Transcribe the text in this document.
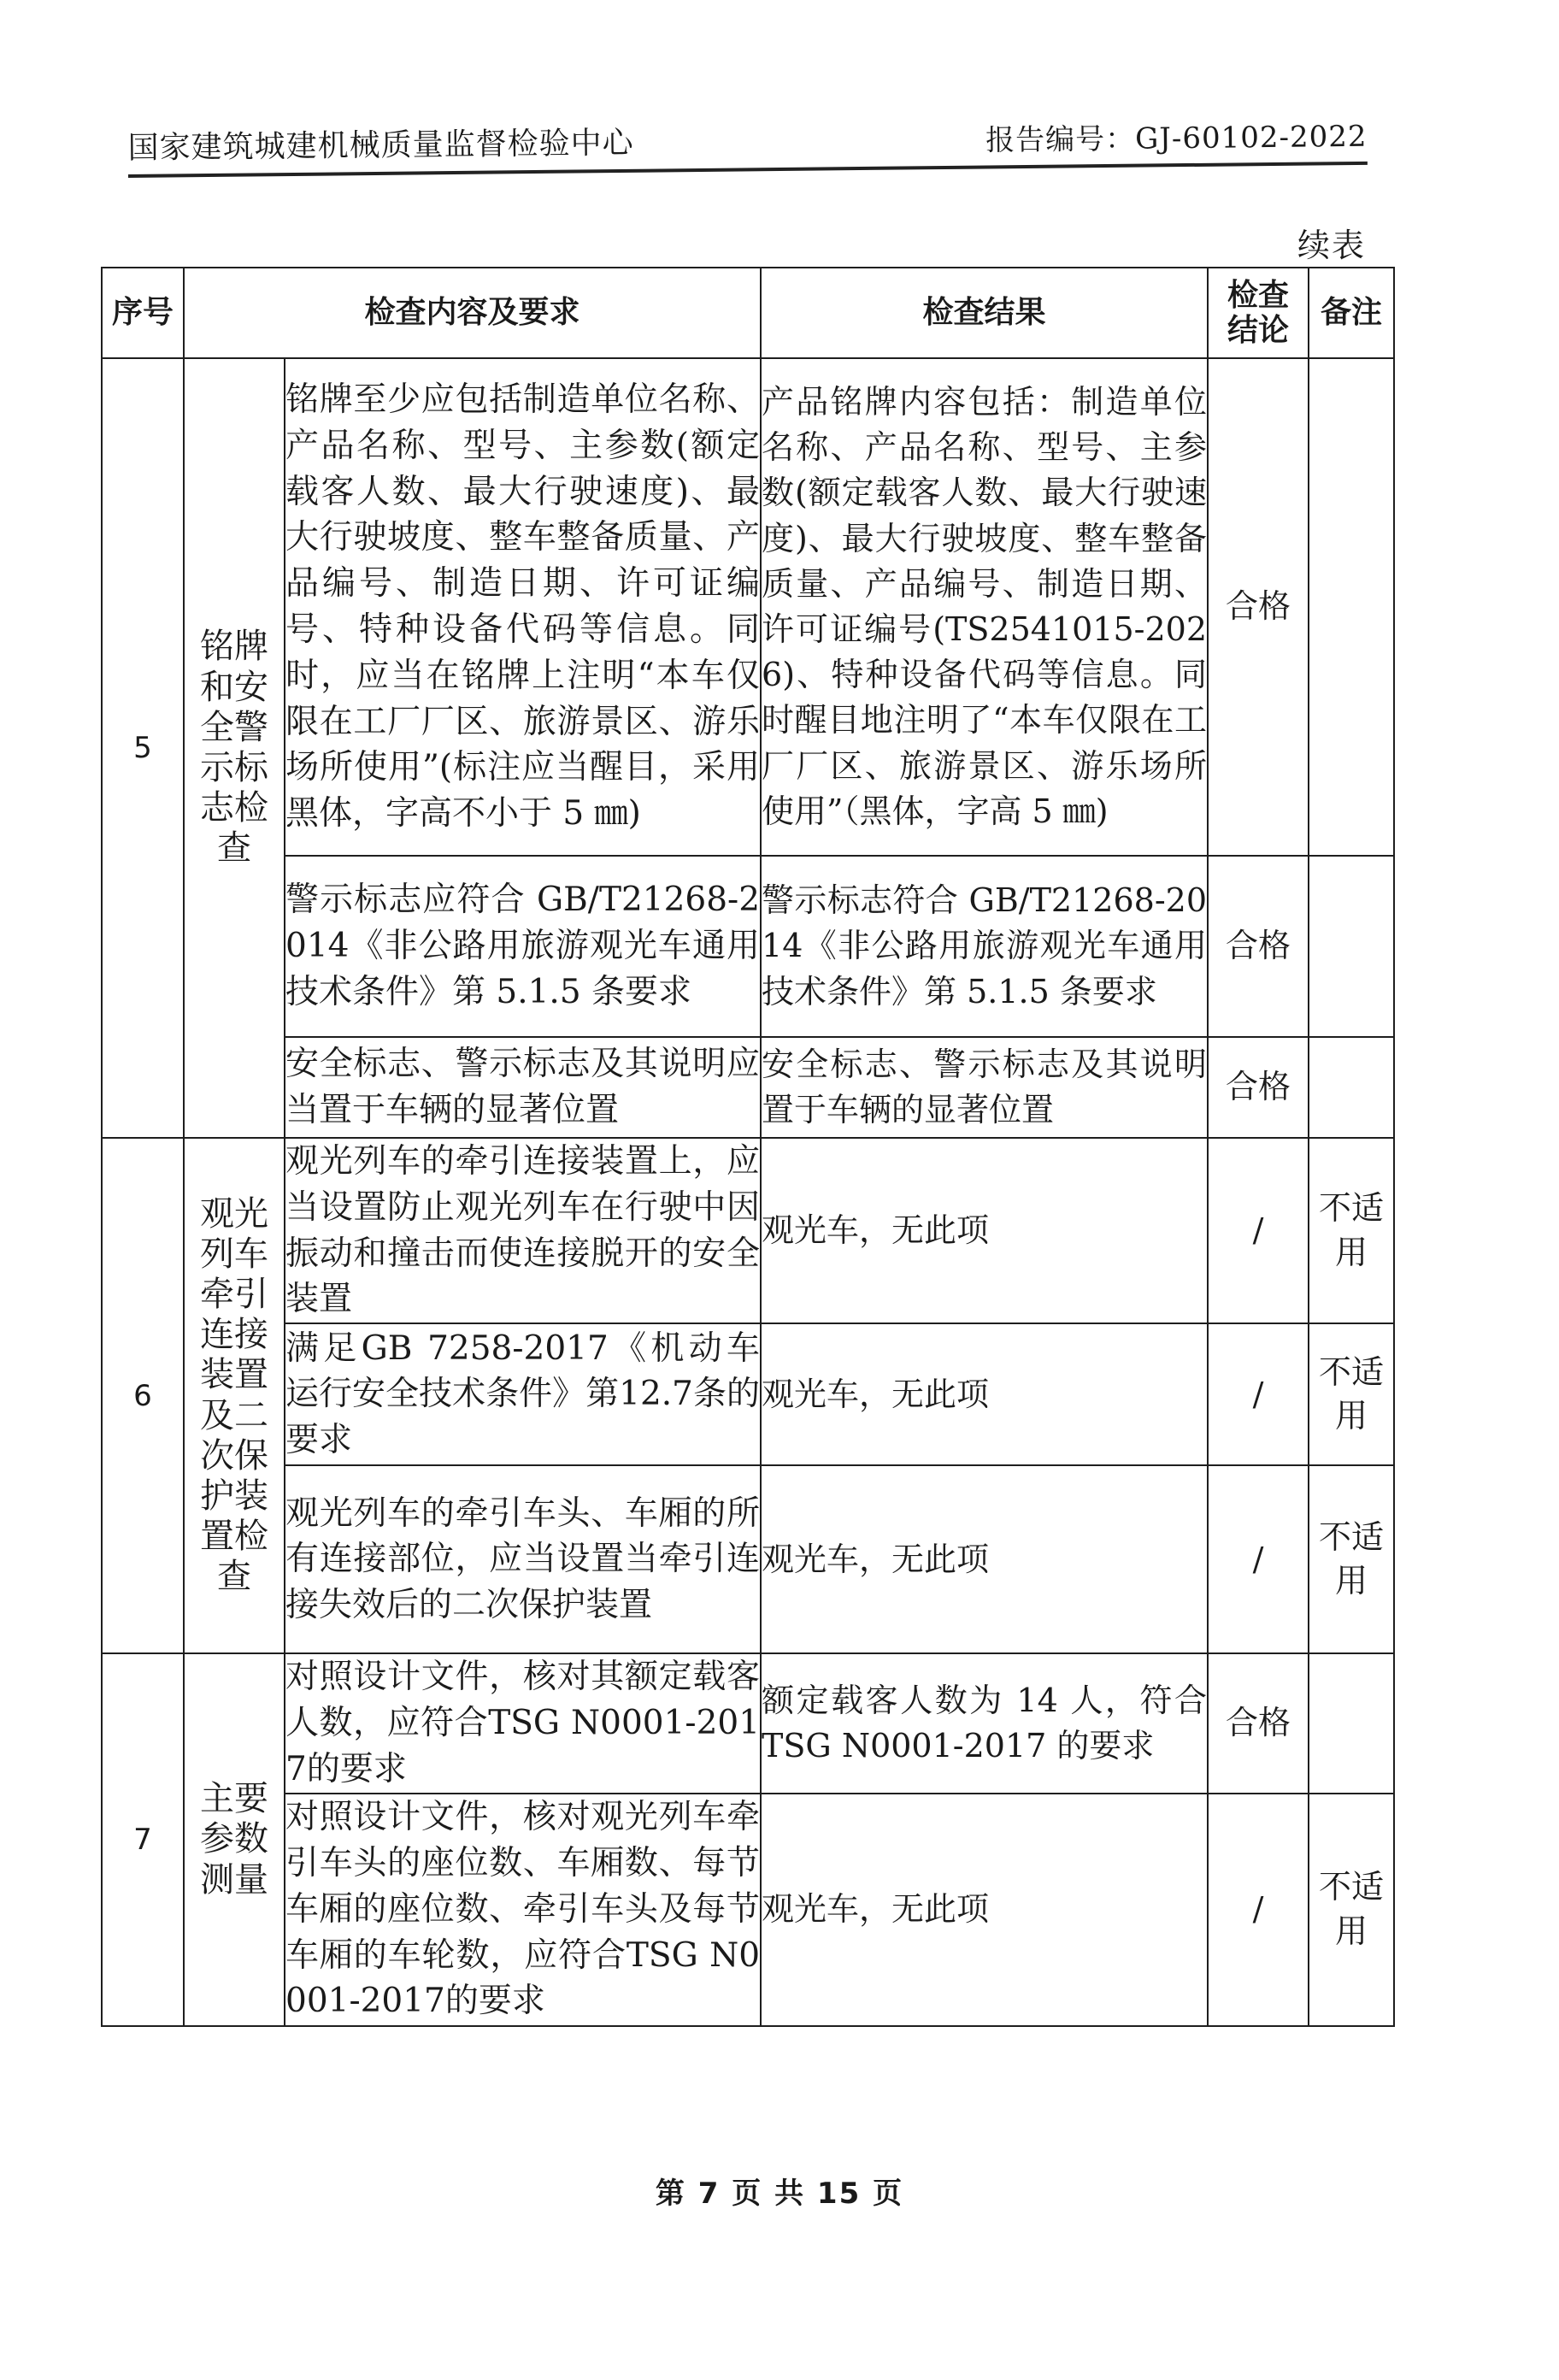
国家建筑城建机械质量监督检验中心	报告编号：GJ-60102-2022
续表
序号	检查内容及要求		检查结果	检查结论	备注
5	铭牌和安全警示标志检查	铭牌至少应包括制造单位名称、产品名称、型号、主参数(额定载客人数、最大行驶速度)、最大行驶坡度、整车整备质量、产品编号、制造日期、许可证编号、特种设备代码等信息。同时，应当在铭牌上注明“本车仅限在工厂厂区、旅游景区、游乐场所使用”(标注应当醒目，采用黑体，字高不小于 5 ㎜)	产品铭牌内容包括：制造单位名称、产品名称、型号、主参数(额定载客人数、最大行驶速度)、最大行驶坡度、整车整备质量、产品编号、制造日期、许可证编号(TS2541015-2026)、特种设备代码等信息。同时醒目地注明了“本车仅限在工厂厂区、旅游景区、游乐场所使用”（黑体，字高 5 ㎜)	合格	
		警示标志应符合 GB/T21268-2014《非公路用旅游观光车通用技术条件》第 5.1.5 条要求	警示标志符合 GB/T21268-2014《非公路用旅游观光车通用技术条件》第 5.1.5 条要求	合格	
		安全标志、警示标志及其说明应当置于车辆的显著位置	安全标志、警示标志及其说明置于车辆的显著位置	合格	
6	观光列车牵引连接装置及二次保护装置检查	观光列车的牵引连接装置上，应当设置防止观光列车在行驶中因振动和撞击而使连接脱开的安全装置	观光车，无此项	/	不适用
		满足GB 7258-2017《机动车运行安全技术条件》第12.7条的要求	观光车，无此项	/	不适用
		观光列车的牵引车头、车厢的所有连接部位，应当设置当牵引连接失效后的二次保护装置	观光车，无此项	/	不适用
7	主要参数测量	对照设计文件，核对其额定载客人数，应符合TSG N0001-2017的要求	额定载客人数为 14 人，符合 TSG N0001-2017 的要求	合格	
		对照设计文件，核对观光列车牵引车头的座位数、车厢数、每节车厢的座位数、牵引车头及每节车厢的车轮数，应符合TSG N0001-2017的要求	观光车，无此项	/	不适用
第 7 页 共 15 页
